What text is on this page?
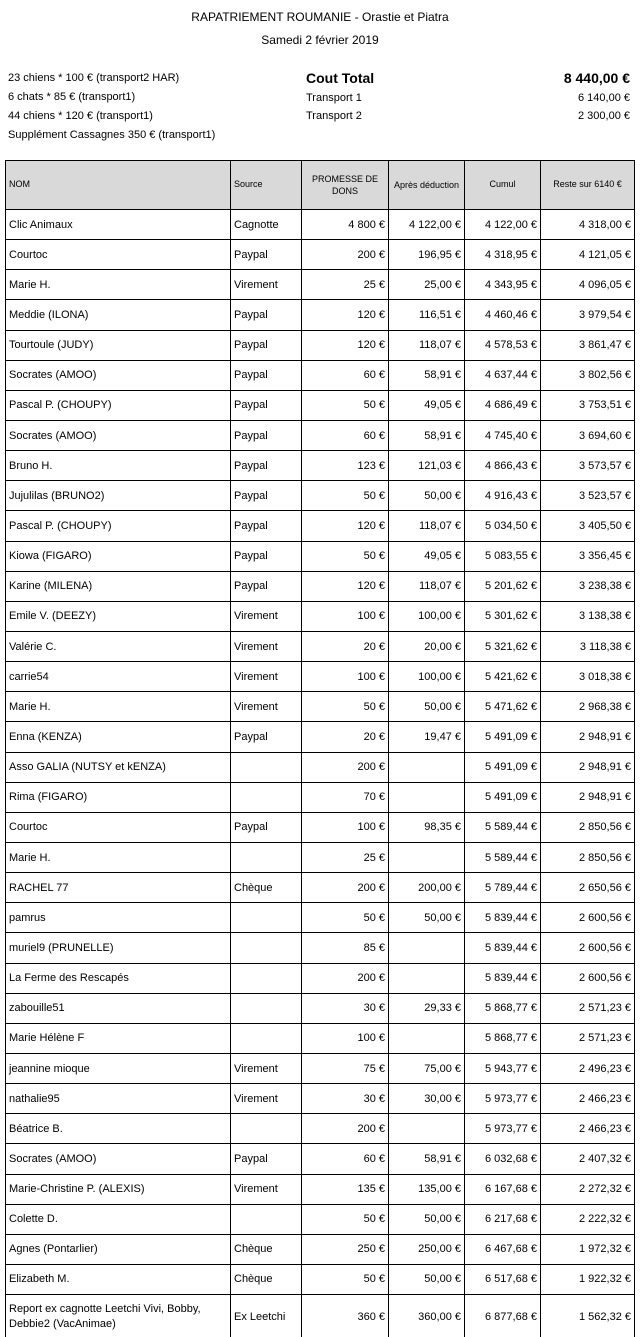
RAPATRIEMENT ROUMANIE - Orastie et Piatra
Samedi 2 février 2019
23 chiens * 100 € (transport2 HAR)
6 chats * 85 € (transport1)
44 chiens * 120 € (transport1)
Supplément Cassagnes 350 € (transport1)
Cout Total	8 440,00 €
Transport 1	6 140,00 €
Transport 2	2 300,00 €
NOM	Source	PROMESSE DE DONS	Après déduction	Cumul	Reste sur 6140 €
Clic Animaux	Cagnotte	4 800 €	4 122,00 €	4 122,00 €	4 318,00 €
Courtoc	Paypal	200 €	196,95 €	4 318,95 €	4 121,05 €
Marie H.	Virement	25 €	25,00 €	4 343,95 €	4 096,05 €
Meddie (ILONA)	Paypal	120 €	116,51 €	4 460,46 €	3 979,54 €
Tourtoule (JUDY)	Paypal	120 €	118,07 €	4 578,53 €	3 861,47 €
Socrates (AMOO)	Paypal	60 €	58,91 €	4 637,44 €	3 802,56 €
Pascal P. (CHOUPY)	Paypal	50 €	49,05 €	4 686,49 €	3 753,51 €
Socrates (AMOO)	Paypal	60 €	58,91 €	4 745,40 €	3 694,60 €
Bruno H.	Paypal	123 €	121,03 €	4 866,43 €	3 573,57 €
Jujulilas (BRUNO2)	Paypal	50 €	50,00 €	4 916,43 €	3 523,57 €
Pascal P. (CHOUPY)	Paypal	120 €	118,07 €	5 034,50 €	3 405,50 €
Kiowa (FIGARO)	Paypal	50 €	49,05 €	5 083,55 €	3 356,45 €
Karine (MILENA)	Paypal	120 €	118,07 €	5 201,62 €	3 238,38 €
Emile V. (DEEZY)	Virement	100 €	100,00 €	5 301,62 €	3 138,38 €
Valérie C.	Virement	20 €	20,00 €	5 321,62 €	3 118,38 €
carrie54	Virement	100 €	100,00 €	5 421,62 €	3 018,38 €
Marie H.	Virement	50 €	50,00 €	5 471,62 €	2 968,38 €
Enna (KENZA)	Paypal	20 €	19,47 €	5 491,09 €	2 948,91 €
Asso GALIA (NUTSY et kENZA)		200 €		5 491,09 €	2 948,91 €
Rima (FIGARO)		70 €		5 491,09 €	2 948,91 €
Courtoc	Paypal	100 €	98,35 €	5 589,44 €	2 850,56 €
Marie H.		25 €		5 589,44 €	2 850,56 €
RACHEL 77	Chèque	200 €	200,00 €	5 789,44 €	2 650,56 €
pamrus		50 €	50,00 €	5 839,44 €	2 600,56 €
muriel9 (PRUNELLE)		85 €		5 839,44 €	2 600,56 €
La Ferme des Rescapés		200 €		5 839,44 €	2 600,56 €
zabouille51		30 €	29,33 €	5 868,77 €	2 571,23 €
Marie Hélène F		100 €		5 868,77 €	2 571,23 €
jeannine mioque	Virement	75 €	75,00 €	5 943,77 €	2 496,23 €
nathalie95	Virement	30 €	30,00 €	5 973,77 €	2 466,23 €
Béatrice B.		200 €		5 973,77 €	2 466,23 €
Socrates (AMOO)	Paypal	60 €	58,91 €	6 032,68 €	2 407,32 €
Marie-Christine P. (ALEXIS)	Virement	135 €	135,00 €	6 167,68 €	2 272,32 €
Colette D.		50 €	50,00 €	6 217,68 €	2 222,32 €
Agnes (Pontarlier)	Chèque	250 €	250,00 €	6 467,68 €	1 972,32 €
Elizabeth M.	Chèque	50 €	50,00 €	6 517,68 €	1 922,32 €
Report ex cagnotte Leetchi Vivi, Bobby, Debbie2 (VacAnimae)	Ex Leetchi	360 €	360,00 €	6 877,68 €	1 562,32 €
